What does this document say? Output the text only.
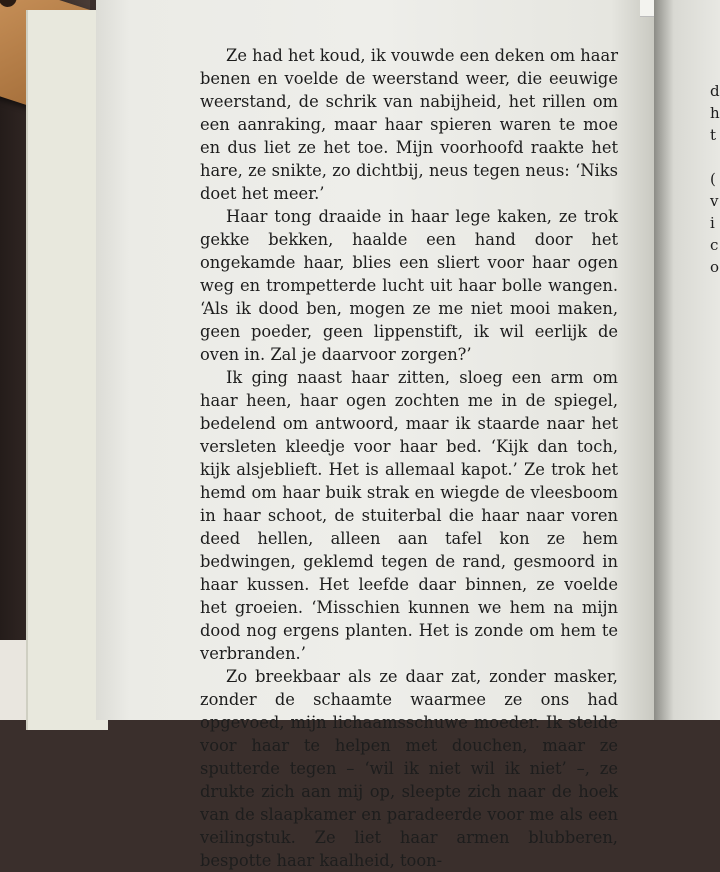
d
h
t
(
v
i
c
o

Ze had het koud, ik vouwde een deken om haar benen en voelde de weerstand weer, die eeuwige weerstand, de schrik van nabijheid, het rillen om een aanraking, maar haar spieren waren te moe en dus liet ze het toe. Mijn voorhoofd raakte het hare, ze snikte, zo dichtbij, neus tegen neus: ‘Niks doet het meer.’

Haar tong draaide in haar lege kaken, ze trok gekke bekken, haalde een hand door het ongekamde haar, blies een sliert voor haar ogen weg en trompetterde lucht uit haar bolle wangen. ‘Als ik dood ben, mogen ze me niet mooi maken, geen poeder, geen lippenstift, ik wil eerlijk de oven in. Zal je daarvoor zorgen?’

Ik ging naast haar zitten, sloeg een arm om haar heen, haar ogen zochten me in de spiegel, bedelend om antwoord, maar ik staarde naar het versleten kleedje voor haar bed. ‘Kijk dan toch, kijk alsjeblieft. Het is allemaal kapot.’ Ze trok het hemd om haar buik strak en wiegde de vleesboom in haar schoot, de stuiterbal die haar naar voren deed hellen, alleen aan tafel kon ze hem bedwingen, geklemd tegen de rand, gesmoord in haar kussen. Het leefde daar binnen, ze voelde het groeien. ‘Misschien kunnen we hem na mijn dood nog ergens planten. Het is zonde om hem te verbranden.’

Zo breekbaar als ze daar zat, zonder masker, zonder de schaamte waarmee ze ons had opgevoed, mijn lichaamsschuwe moeder. Ik stelde voor haar te helpen met douchen, maar ze sputterde tegen – ‘wil ik niet wil ik niet’ –, ze drukte zich aan mij op, sleepte zich naar de hoek van de slaapkamer en paradeerde voor me als een veilingstuk. Ze liet haar armen blubberen, bespotte haar kaalheid, toon-
